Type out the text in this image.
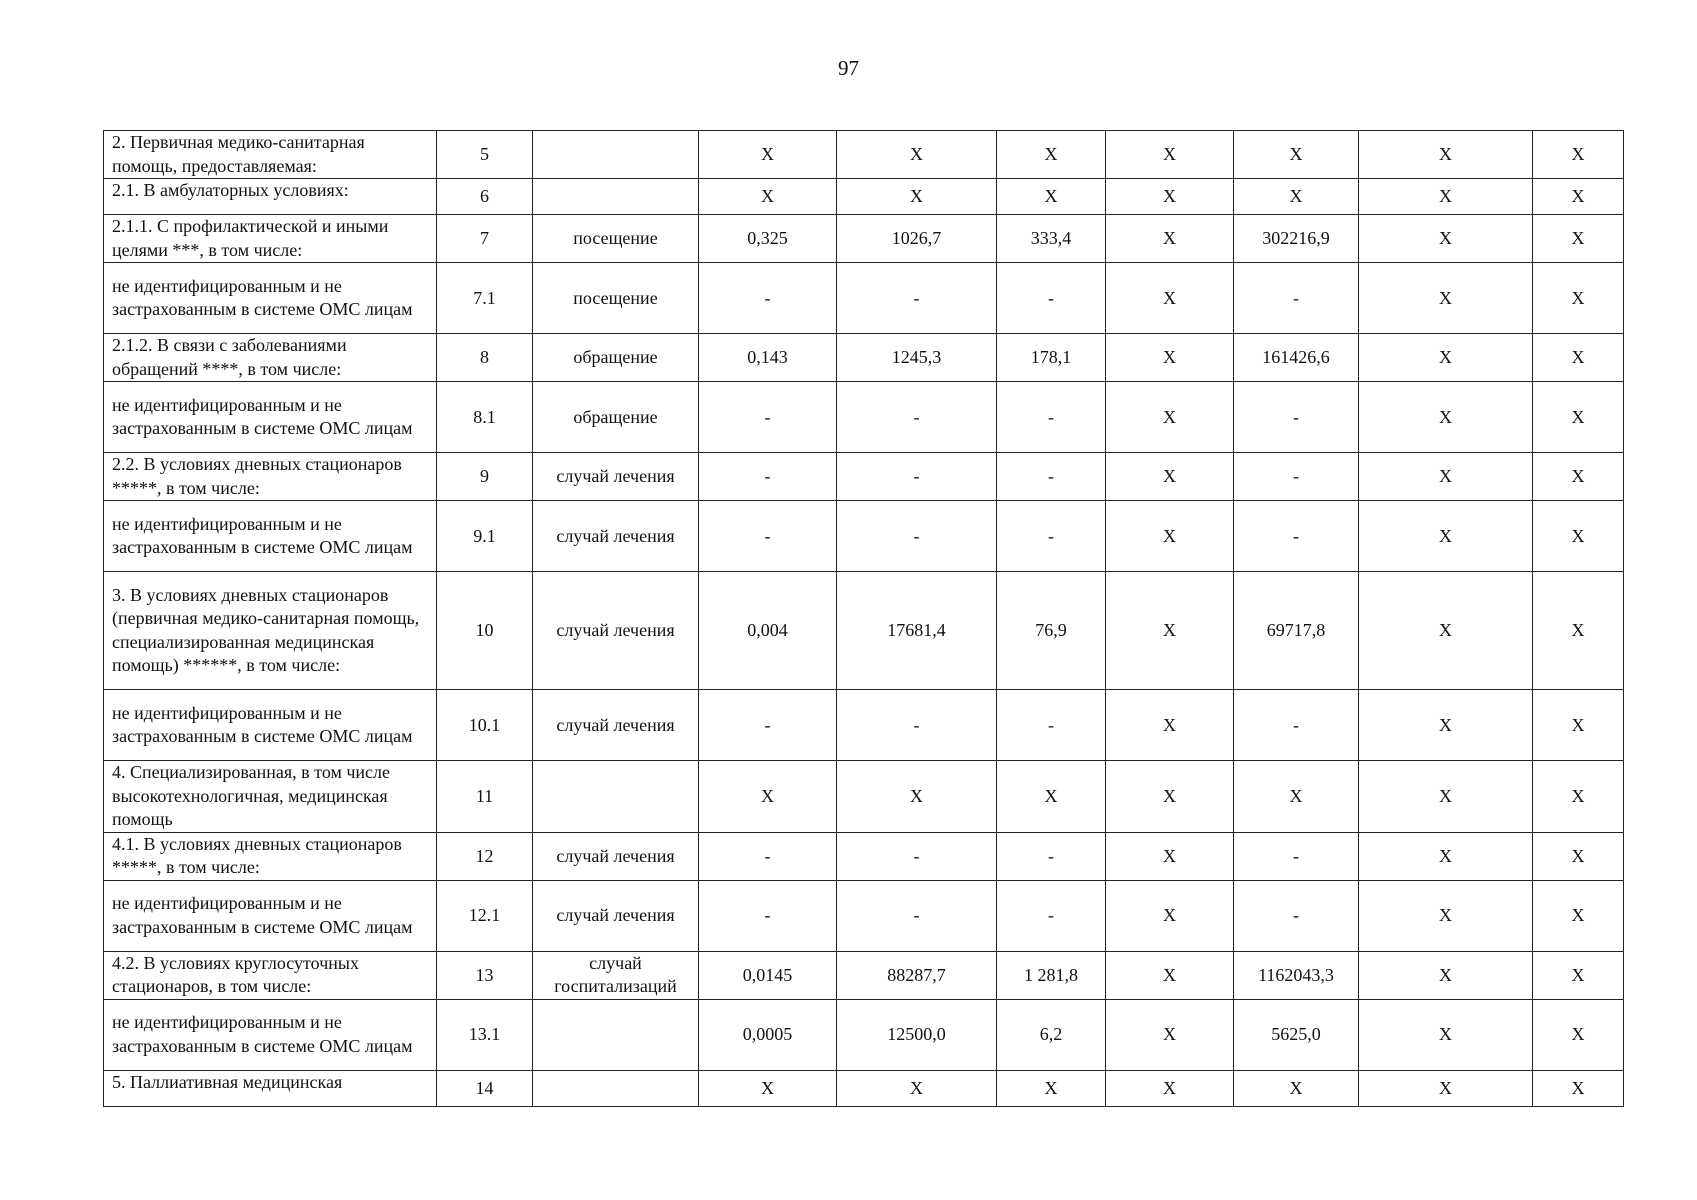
97
2. Первичная медико-санитарная помощь, предоставляемая:	5		Х	Х	Х	Х	Х	Х	Х
2.1. В амбулаторных условиях:	6		Х	Х	Х	Х	Х	Х	Х
2.1.1. С профилактической и иными целями ***, в том числе:	7	посещение	0,325	1026,7	333,4	Х	302216,9	Х	Х
не идентифицированным и не застрахованным в системе ОМС лицам	7.1	посещение	-	-	-	Х	-	Х	Х
2.1.2. В связи с заболеваниями обращений ****, в том числе:	8	обращение	0,143	1245,3	178,1	Х	161426,6	Х	Х
не идентифицированным и не застрахованным в системе ОМС лицам	8.1	обращение	-	-	-	Х	-	Х	Х
2.2. В условиях дневных стационаров *****, в том числе:	9	случай лечения	-	-	-	Х	-	Х	Х
не идентифицированным и не застрахованным в системе ОМС лицам	9.1	случай лечения	-	-	-	Х	-	Х	Х
3. В условиях дневных стационаров (первичная медико-санитарная помощь, специализированная медицинская помощь) ******, в том числе:	10	случай лечения	0,004	17681,4	76,9	Х	69717,8	Х	Х
не идентифицированным и не застрахованным в системе ОМС лицам	10.1	случай лечения	-	-	-	Х	-	Х	Х
4. Специализированная, в том числе высокотехнологичная, медицинская помощь	11		Х	Х	Х	Х	Х	Х	Х
4.1. В условиях дневных стационаров *****, в том числе:	12	случай лечения	-	-	-	Х	-	Х	Х
не идентифицированным и не застрахованным в системе ОМС лицам	12.1	случай лечения	-	-	-	Х	-	Х	Х
4.2. В условиях круглосуточных стационаров, в том числе:	13	случай госпитализаций	0,0145	88287,7	1 281,8	Х	1162043,3	Х	Х
не идентифицированным и не застрахованным в системе ОМС лицам	13.1		0,0005	12500,0	6,2	Х	5625,0	Х	Х
5. Паллиативная медицинская	14		Х	Х	Х	Х	Х	Х	Х
